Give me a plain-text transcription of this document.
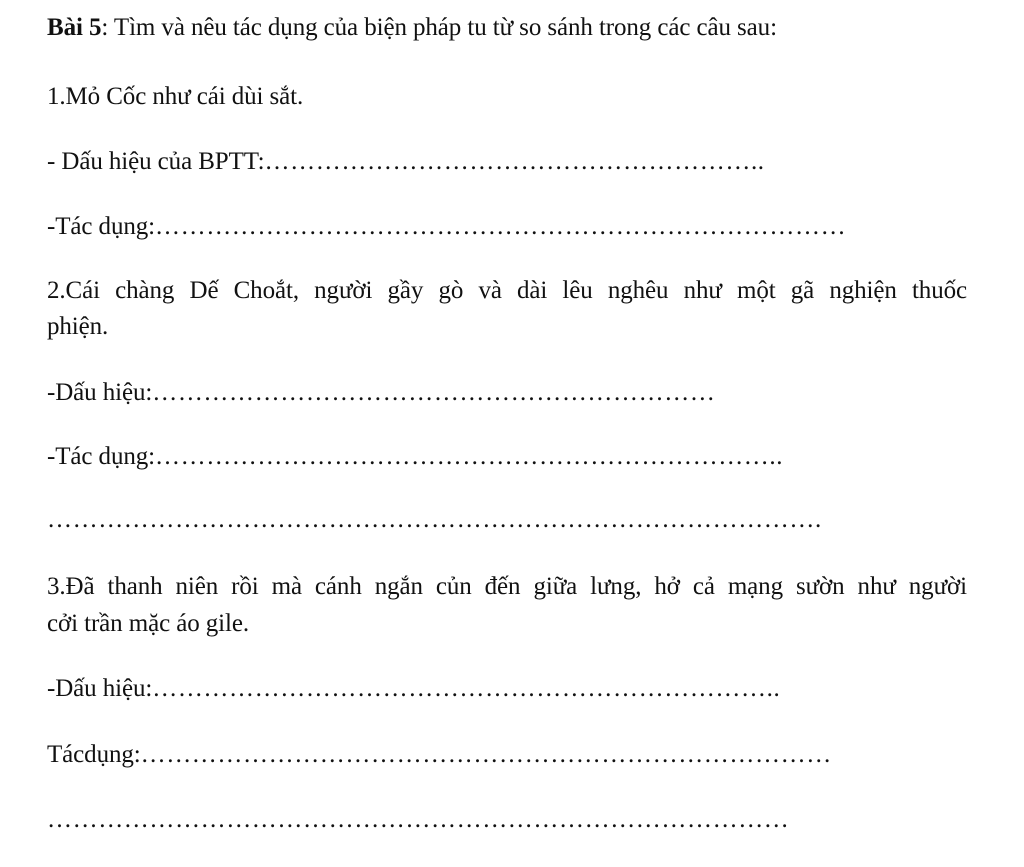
Bài 5: Tìm và nêu tác dụng của biện pháp tu từ so sánh trong các câu sau:
1.Mỏ Cốc như cái dùi sắt.
- Dấu hiệu của BPTT:…………………………………………………..
-Tác dụng:………………………………………………………………………
2.Cái chàng Dế Choắt, người gầy gò và dài lêu nghêu như một gã nghiện thuốc
phiện.
-Dấu hiệu:…………………………………………………………
-Tác dụng:………………………………………………………………..
……………………………………………………………………………….
3.Đã thanh niên rồi mà cánh ngắn củn đến giữa lưng, hở cả mạng sườn như người
cởi trần mặc áo gile.
-Dấu hiệu:………………………………………………………………..
Tácdụng:………………………………………………………………………
……………………………………………………………………………
